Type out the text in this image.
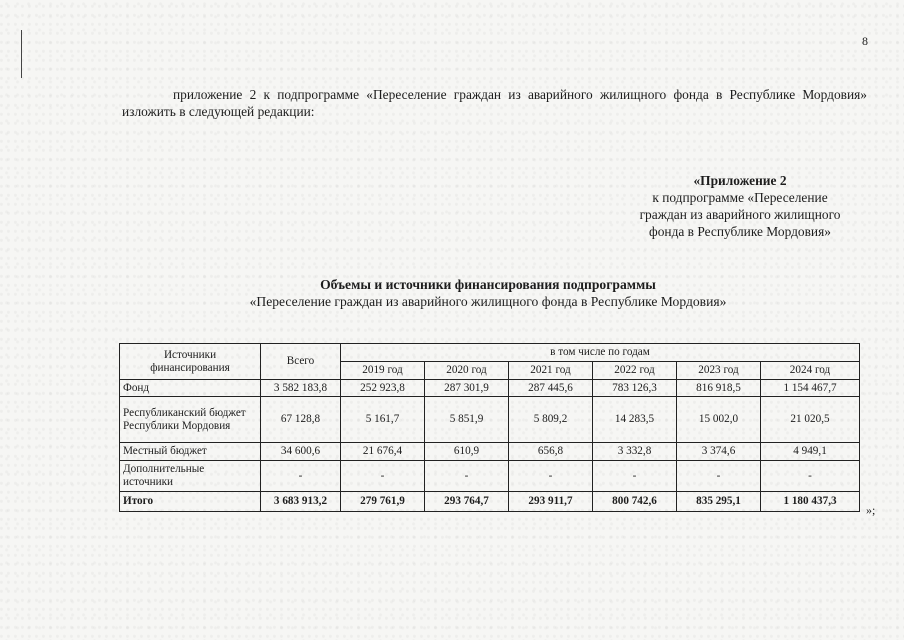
8
приложение 2 к подпрограмме «Переселение граждан из аварийного жилищного фонда в Республике Мордовия» изложить в следующей редакции:
«Приложение 2
к подпрограмме «Переселение
граждан из аварийного жилищного
фонда в Республике Мордовия»
Объемы и источники финансирования подпрограммы
«Переселение граждан из аварийного жилищного фонда в Республике Мордовия»
Источники финансирования	Всего	в том числе по годам					
		2019 год	2020 год	2021 год	2022 год	2023 год	2024 год
Фонд	3 582 183,8	252 923,8	287 301,9	287 445,6	783 126,3	816 918,5	1 154 467,7
Республиканский бюджет Республики Мордовия	67 128,8	5 161,7	5 851,9	5 809,2	14 283,5	15 002,0	21 020,5
Местный бюджет	34 600,6	21 676,4	610,9	656,8	3 332,8	3 374,6	4 949,1
Дополнительные источники	-	-	-	-	-	-	-
Итого	3 683 913,2	279 761,9	293 764,7	293 911,7	800 742,6	835 295,1	1 180 437,3
»;
